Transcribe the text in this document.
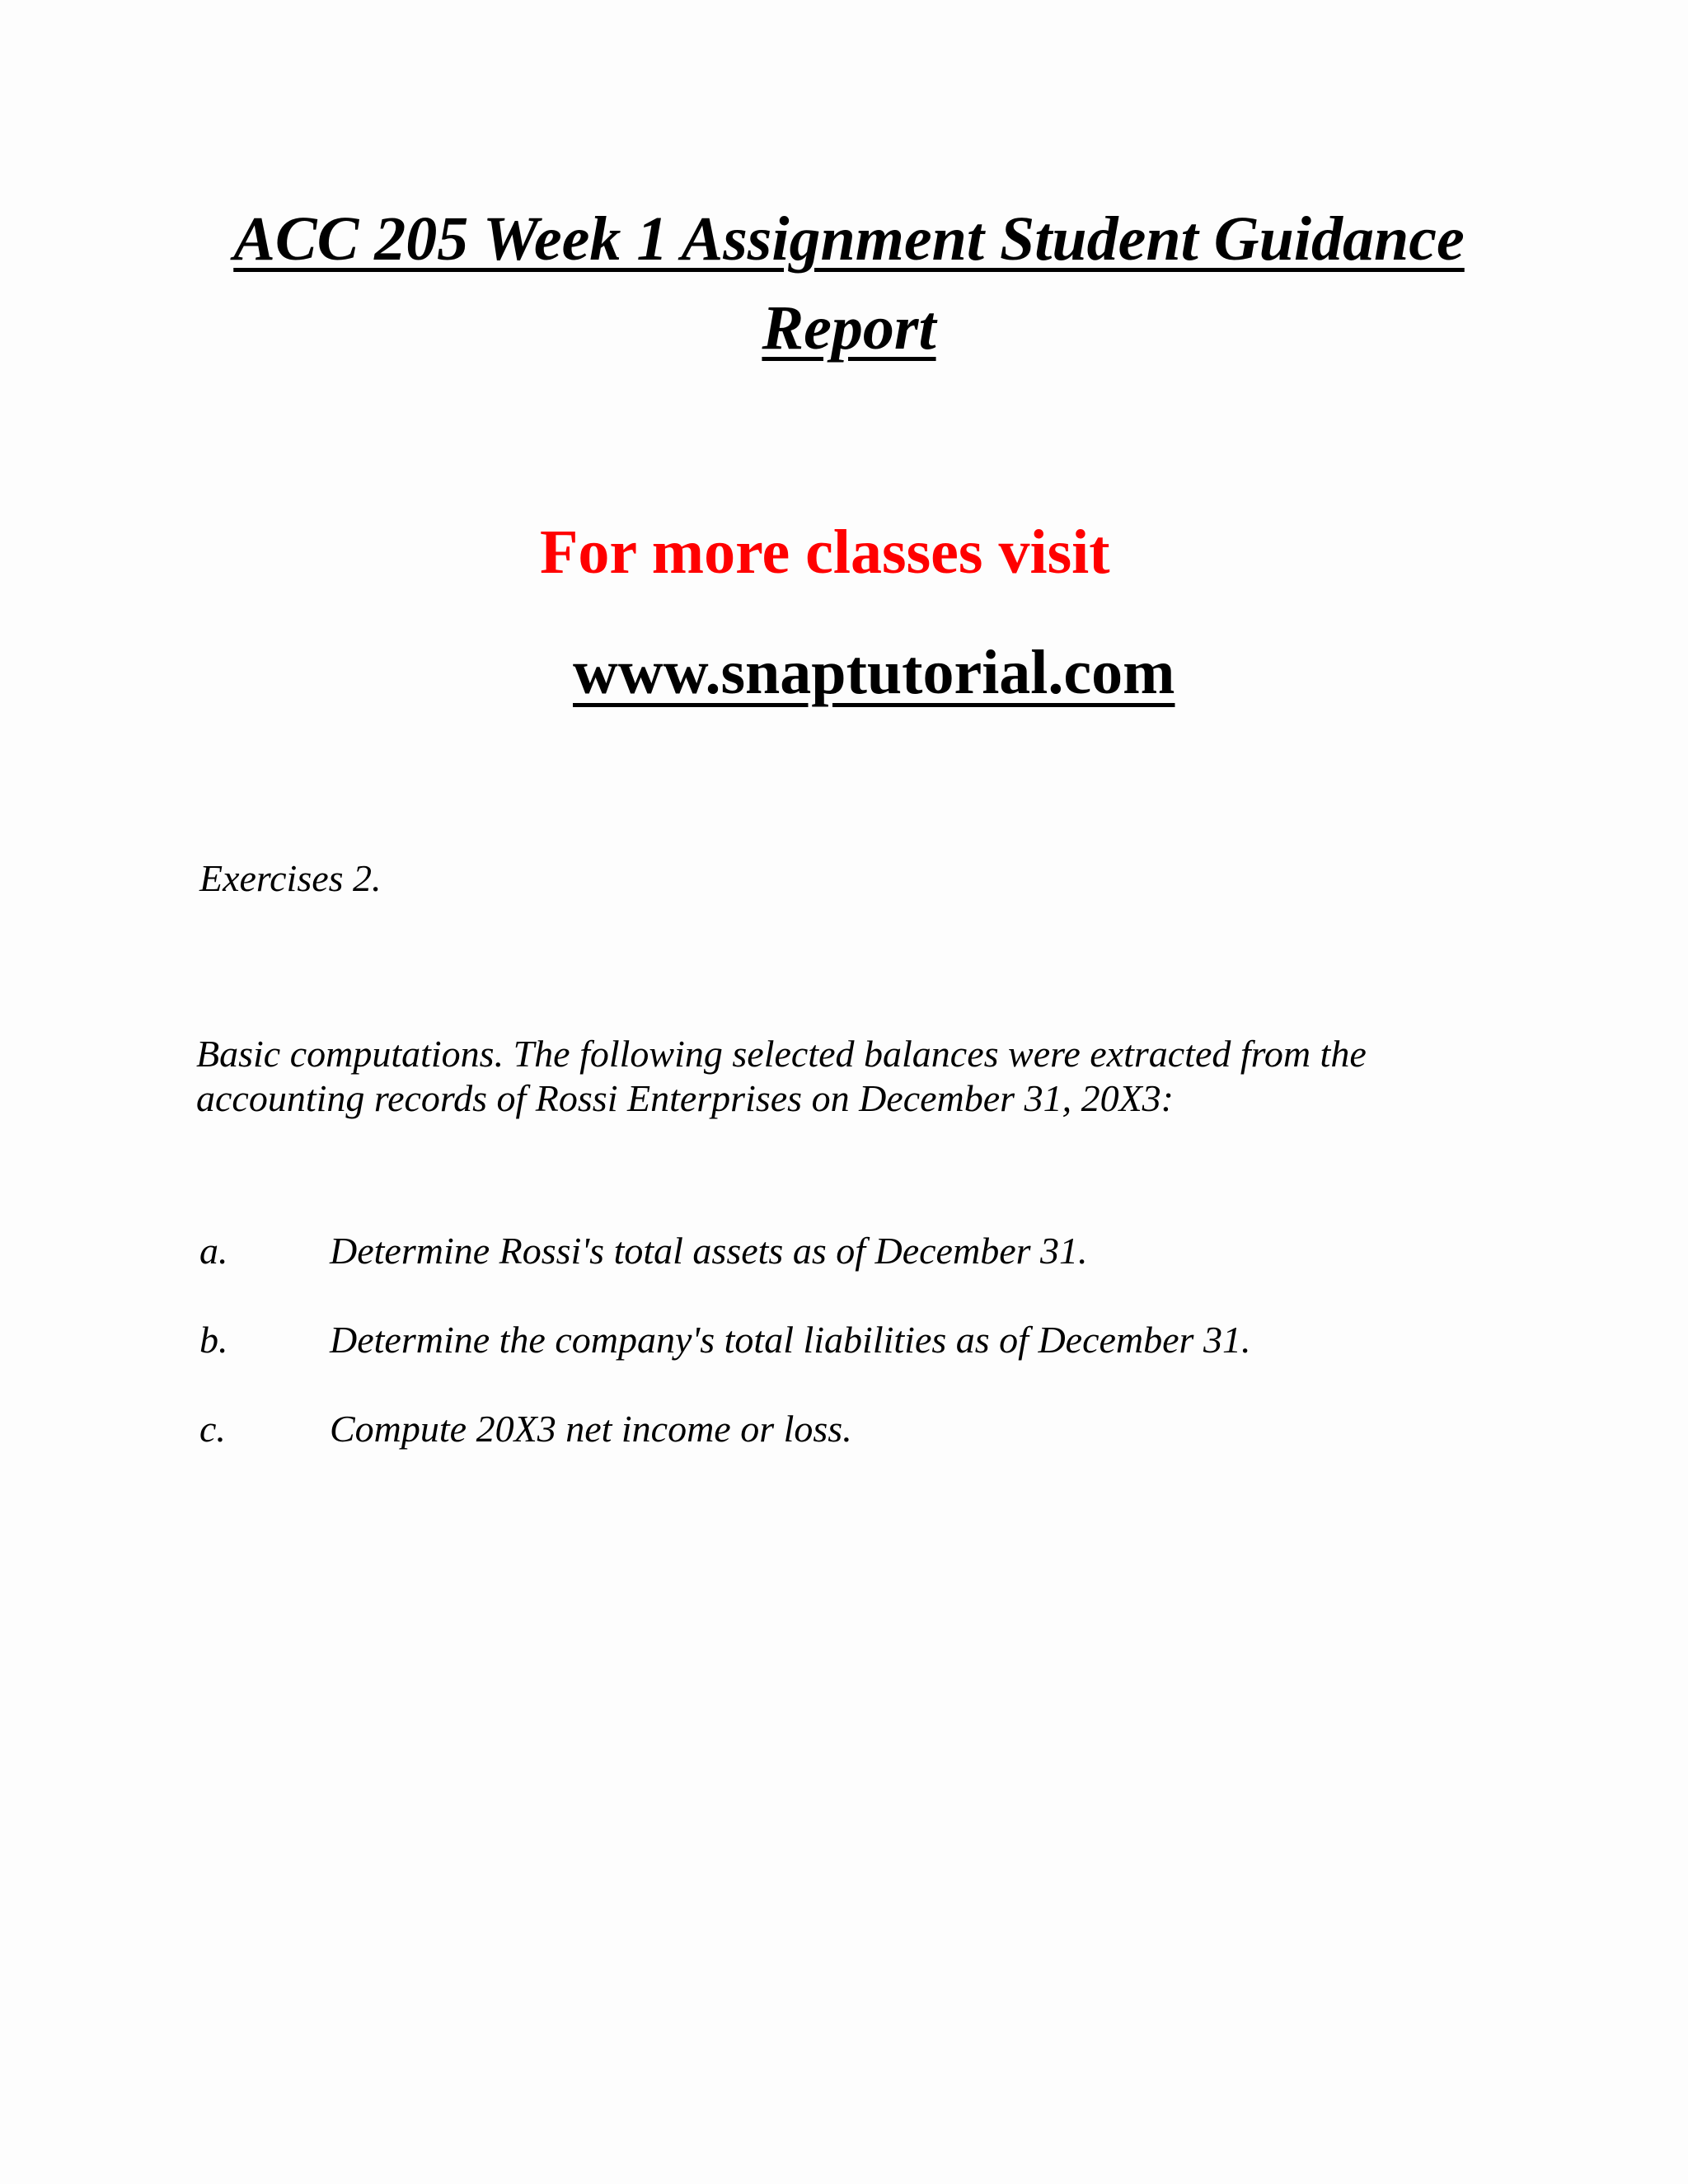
ACC 205 Week 1 Assignment Student Guidance Report
For more classes visit
www.snaptutorial.com
Exercises 2.

Basic computations. The following selected balances were extracted from the accounting records of Rossi Enterprises on December 31, 20X3:

a.	Determine Rossi's total assets as of December 31.
b.	Determine the company's total liabilities as of December 31.
c.	Compute 20X3 net income or loss.
